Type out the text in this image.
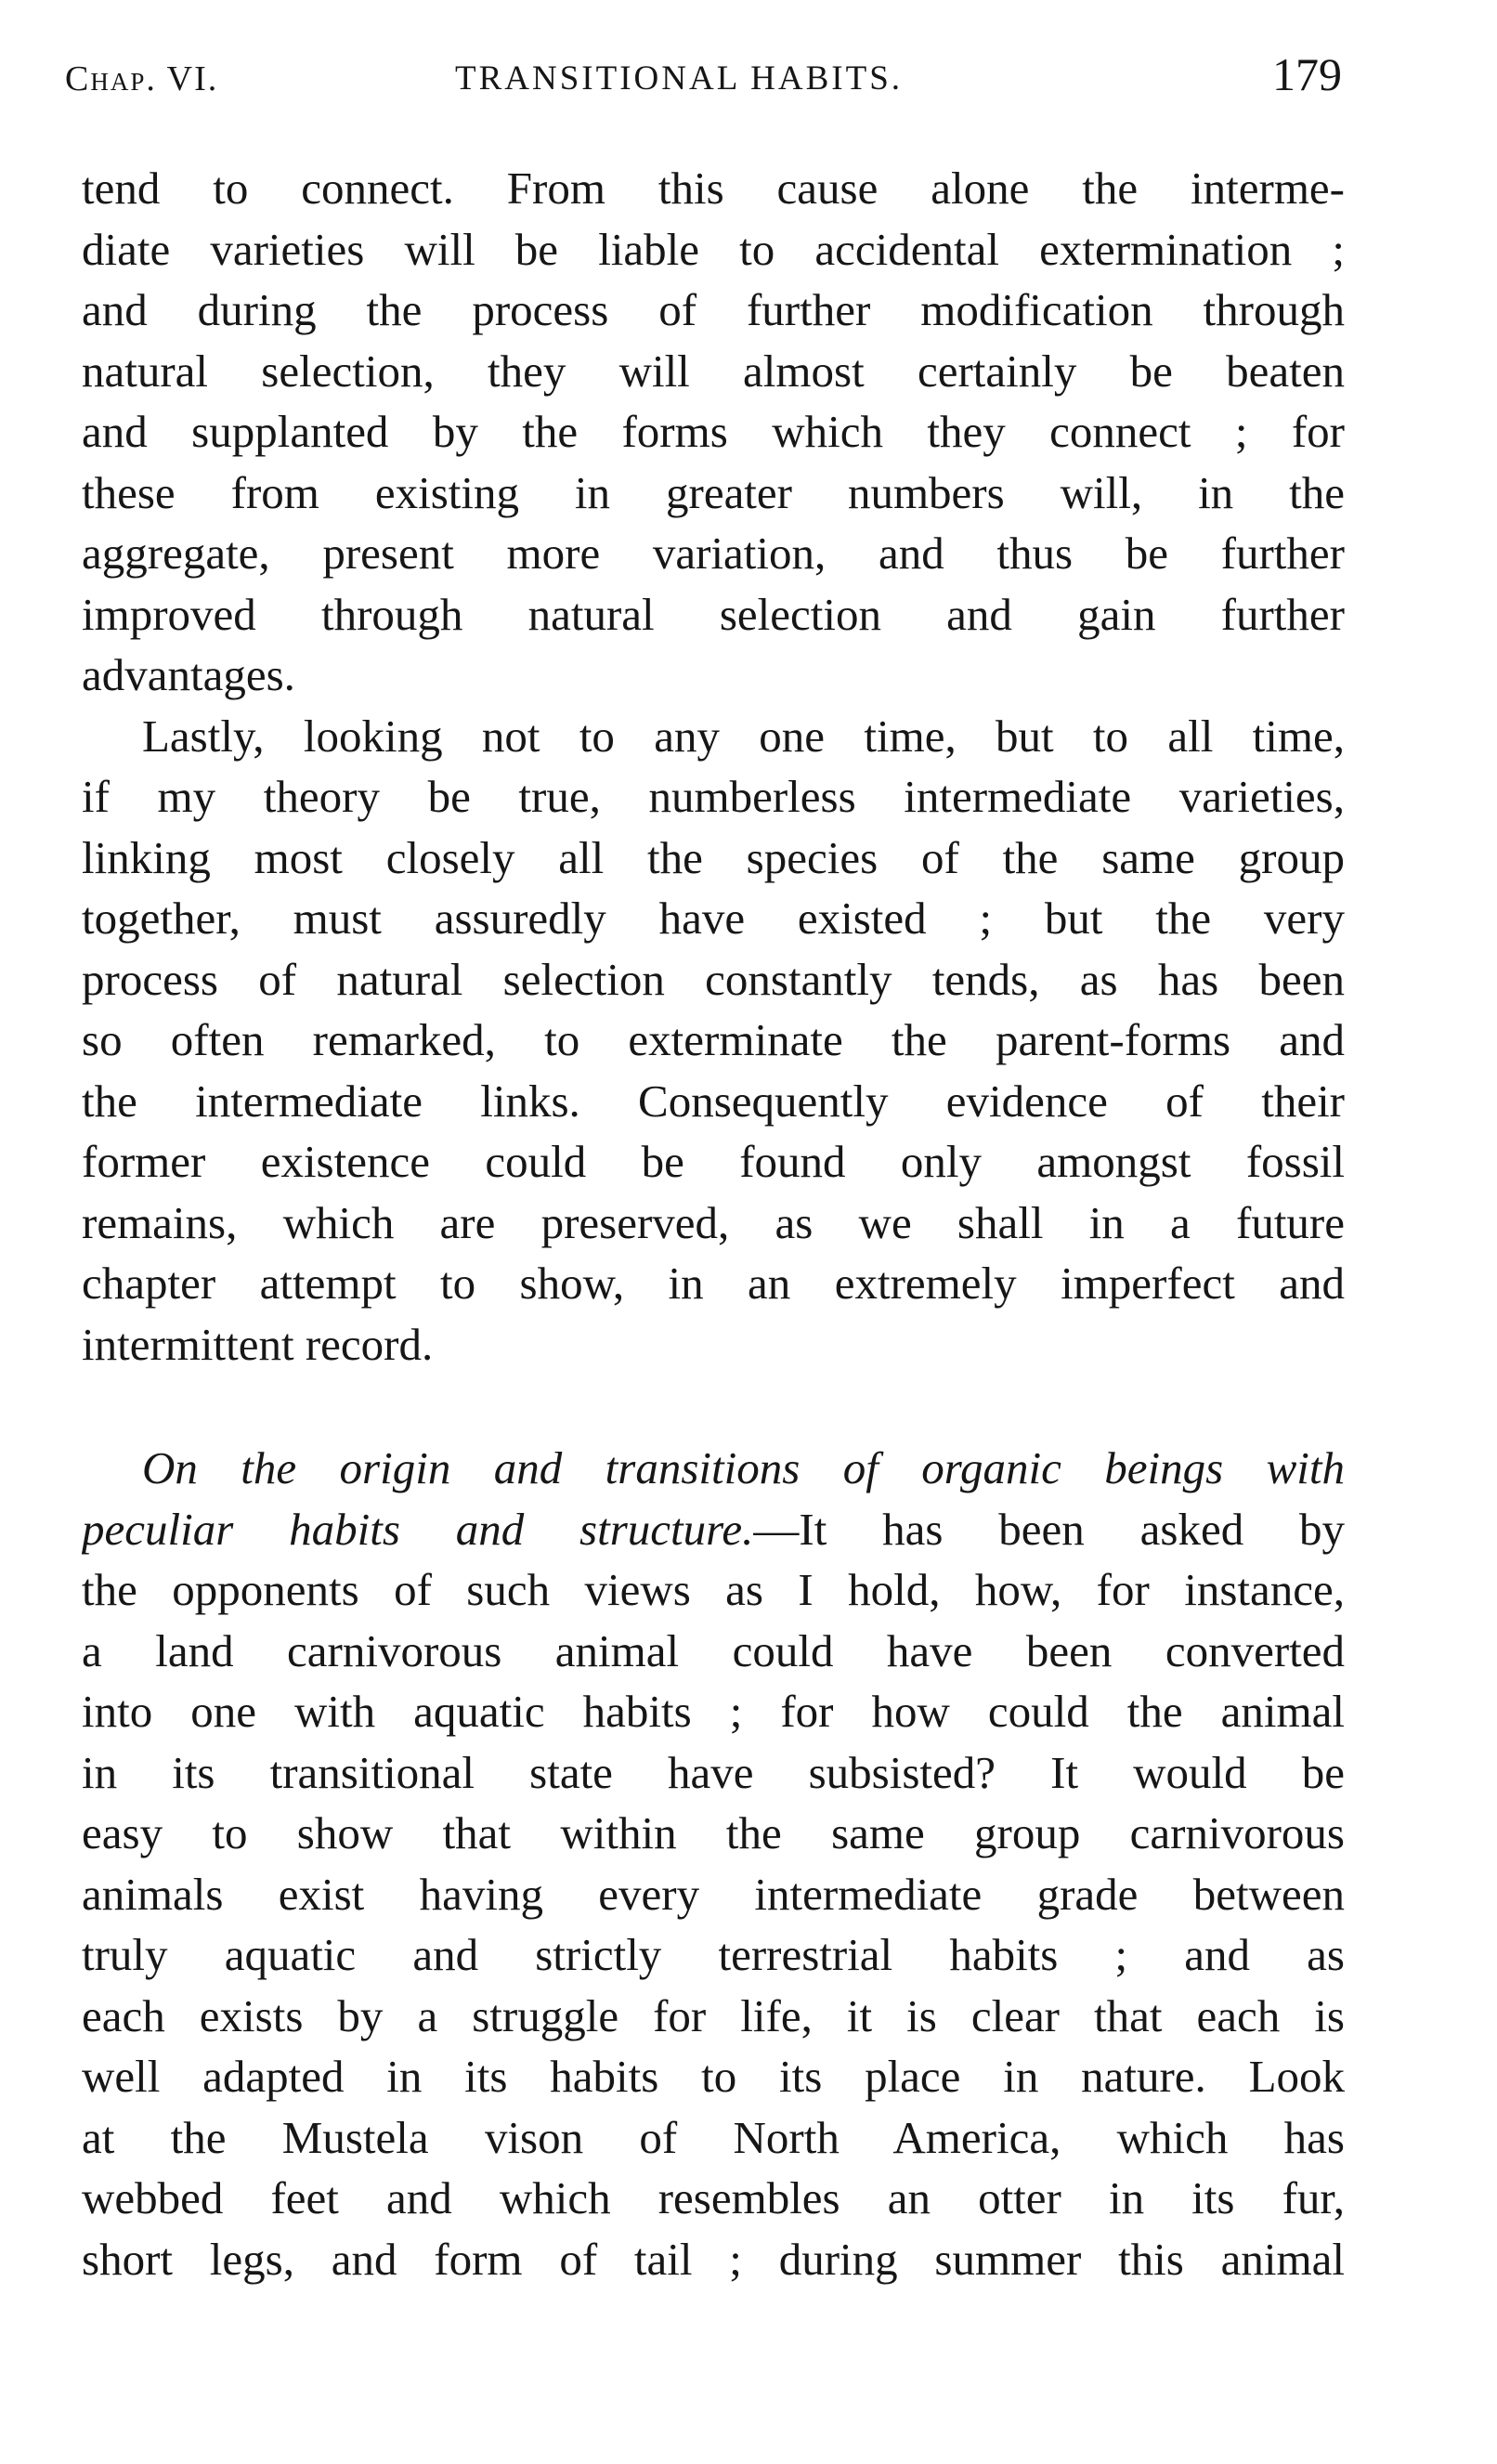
Chap. VI.	TRANSITIONAL HABITS.	179
tend to connect. From this cause alone the interme-
diate varieties will be liable to accidental extermination ;
and during the process of further modification through
natural selection, they will almost certainly be beaten
and supplanted by the forms which they connect ; for
these from existing in greater numbers will, in the
aggregate, present more variation, and thus be further
improved through natural selection and gain further
advantages.
Lastly, looking not to any one time, but to all time,
if my theory be true, numberless intermediate varieties,
linking most closely all the species of the same group
together, must assuredly have existed ; but the very
process of natural selection constantly tends, as has been
so often remarked, to exterminate the parent-forms and
the intermediate links. Consequently evidence of their
former existence could be found only amongst fossil
remains, which are preserved, as we shall in a future
chapter attempt to show, in an extremely imperfect and
intermittent record.
On the origin and transitions of organic beings with
peculiar habits and structure.—It has been asked by
the opponents of such views as I hold, how, for instance,
a land carnivorous animal could have been converted
into one with aquatic habits ; for how could the animal
in its transitional state have subsisted? It would be
easy to show that within the same group carnivorous
animals exist having every intermediate grade between
truly aquatic and strictly terrestrial habits ; and as
each exists by a struggle for life, it is clear that each is
well adapted in its habits to its place in nature. Look
at the Mustela vison of North America, which has
webbed feet and which resembles an otter in its fur,
short legs, and form of tail ; during summer this animal
